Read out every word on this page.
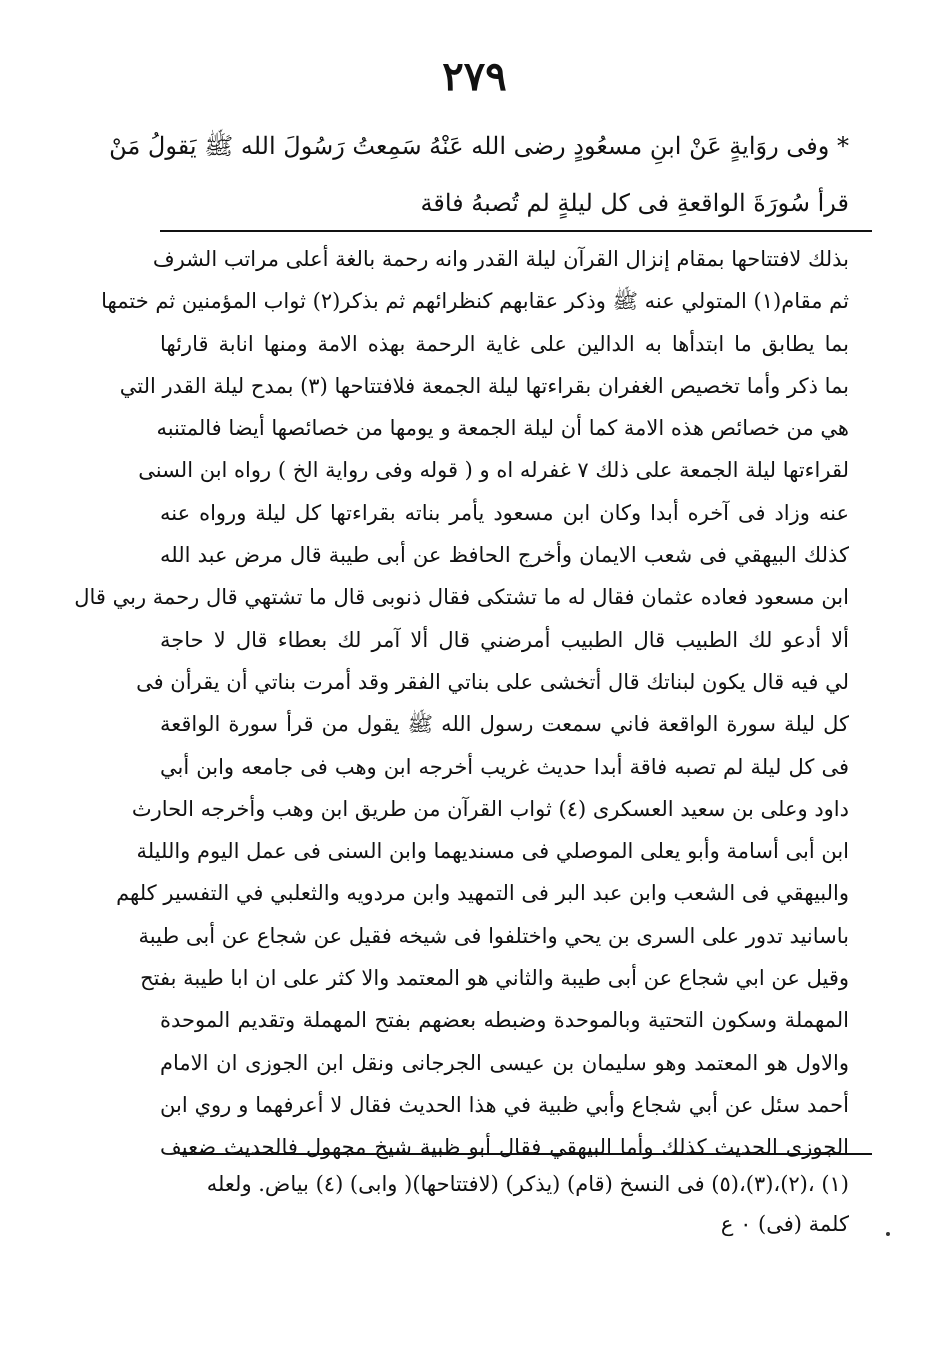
٢٧٩
* وفى روَايةٍ عَنْ ابنِ مسعُودٍ رضى الله عَنْهُ سَمِعتُ رَسُولَ الله ﷺ يَقولُ مَنْ
قرأ سُورَةَ الواقعةِ فى كل ليلةٍ لم تُصبهُ فاقة
بذلك لافتتاحها بمقام إنزال القرآن ليلة القدر وانه رحمة بالغة أعلى مراتب الشرف
ثم مقام(١) المتولي عنه ﷺ وذكر عقابهم كنظرائهم ثم بذكر(٢) ثواب المؤمنين ثم ختمها
بما يطابق ما ابتدأها به الدالين على غاية الرحمة بهذه الامة ومنها انابة قارئها
بما ذكر وأما تخصيص الغفران بقراءتها ليلة الجمعة فلافتتاحها (٣) بمدح ليلة القدر التي
هي من خصائص هذه الامة كما أن ليلة الجمعة و يومها من خصائصها أيضا فالمتنبه
لقراءتها ليلة الجمعة على ذلك ٧ غفرله اه و ( قوله وفى رواية الخ ) رواه ابن السنى
عنه وزاد فى آخره أبدا وكان ابن مسعود يأمر بناته بقراءتها كل ليلة ورواه عنه
كذلك البيهقي فى شعب الايمان وأخرج الحافظ عن أبى طيبة قال مرض عبد الله
ابن مسعود فعاده عثمان فقال له ما تشتكى فقال ذنوبى قال ما تشتهي قال رحمة ربي قال
ألا أدعو لك الطبيب قال الطبيب أمرضني قال ألا آمر لك بعطاء قال لا حاجة
لي فيه قال يكون لبناتك قال أتخشى على بناتي الفقر وقد أمرت بناتي أن يقرأن فى
كل ليلة سورة الواقعة فاني سمعت رسول الله ﷺ يقول من قرأ سورة الواقعة
فى كل ليلة لم تصبه فاقة أبدا حديث غريب أخرجه ابن وهب فى جامعه وابن أبي
داود وعلى بن سعيد العسكرى (٤) ثواب القرآن من طريق ابن وهب وأخرجه الحارث
ابن أبى أسامة وأبو يعلى الموصلي فى مسنديهما وابن السنى فى عمل اليوم والليلة
والبيهقي فى الشعب وابن عبد البر فى التمهيد وابن مردويه والثعلبي في التفسير كلهم
باسانيد تدور على السرى بن يحي واختلفوا فى شيخه فقيل عن شجاع عن أبى طيبة
وقيل عن ابي شجاع عن أبى طيبة والثاني هو المعتمد والا كثر على ان ابا طيبة بفتح
المهملة وسكون التحتية وبالموحدة وضبطه بعضهم بفتح المهملة وتقديم الموحدة
والاول هو المعتمد وهو سليمان بن عيسى الجرجانى ونقل ابن الجوزى ان الامام
أحمد سئل عن أبي شجاع وأبي ظبية في هذا الحديث فقال لا أعرفهما و روي ابن
الجوزى الحديث كذلك وأما البيهقي فقال أبو ظبية شيخ مجهول فالحديث ضعيف
(١) ،(٢)،(٣)،(٥) فى النسخ (قام) (يذكر) (لافتتاحها)( وابى) (٤) بياض. ولعله
كلمة (فى) ٠ ع
